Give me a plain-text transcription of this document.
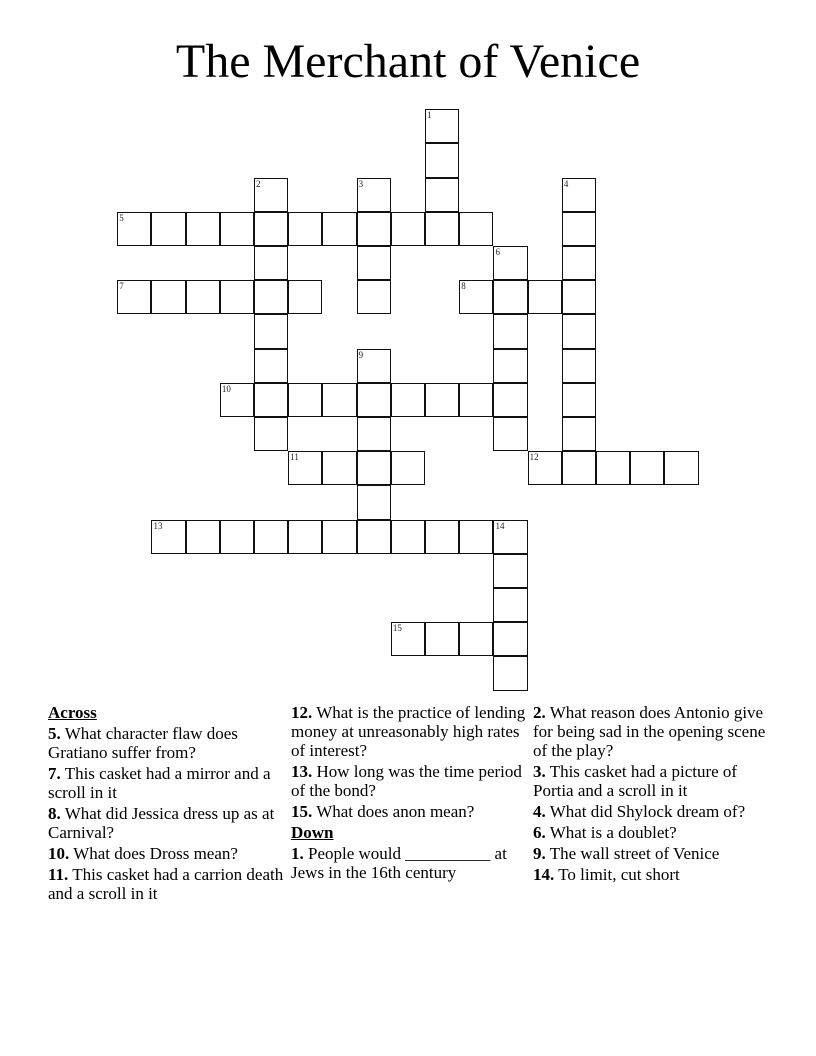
The Merchant of Venice
1
2	3	4
5
6
7	8
9
10
11	12
13	14
15
Across
5. What character flaw does Gratiano suffer from?
7. This casket had a mirror and a scroll in it
8. What did Jessica dress up as at Carnival?
10. What does Dross mean?
11. This casket had a carrion death and a scroll in it
12. What is the practice of lending money at unreasonably high rates of interest?
13. How long was the time period of the bond?
15. What does anon mean?
Down
1. People would __________ at Jews in the 16th century
2. What reason does Antonio give for being sad in the opening scene of the play?
3. This casket had a picture of Portia and a scroll in it
4. What did Shylock dream of?
6. What is a doublet?
9. The wall street of Venice
14. To limit, cut short
